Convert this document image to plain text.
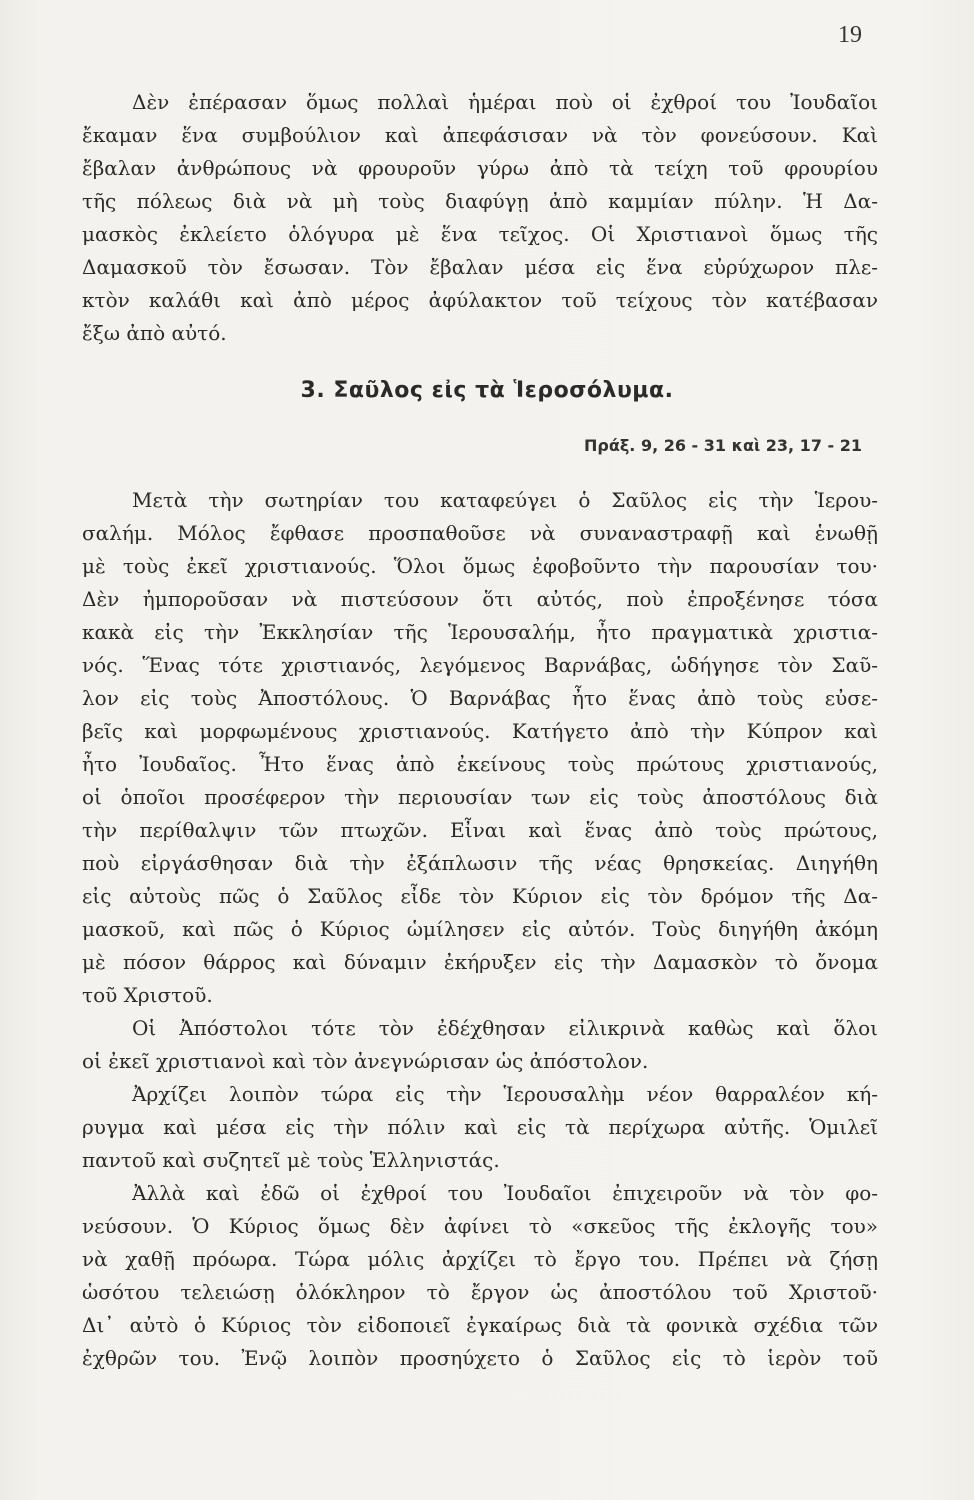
19
Δὲν ἐπέρασαν ὅμως πολλαὶ ἡμέραι ποὺ οἱ ἐχθροί του Ἰουδαῖοι
ἔκαμαν ἕνα συμβούλιον καὶ ἀπεφάσισαν νὰ τὸν φονεύσουν. Καὶ
ἔβαλαν ἀνθρώπους νὰ φρουροῦν γύρω ἀπὸ τὰ τείχη τοῦ φρουρίου
τῆς πόλεως διὰ νὰ μὴ τοὺς διαφύγῃ ἀπὸ καμμίαν πύλην. Ἡ Δα-
μασκὸς ἐκλείετο ὁλόγυρα μὲ ἕνα τεῖχος. Οἱ Χριστιανοὶ ὅμως τῆς
Δαμασκοῦ τὸν ἔσωσαν. Τὸν ἔβαλαν μέσα εἰς ἕνα εὐρύχωρον πλε-
κτὸν καλάθι καὶ ἀπὸ μέρος ἀφύλακτον τοῦ τείχους τὸν κατέβασαν
ἔξω ἀπὸ αὐτό.
3. Σαῦλος εἰς τὰ Ἱεροσόλυμα.
Πράξ. 9, 26 - 31 καὶ 23, 17 - 21
Μετὰ τὴν σωτηρίαν του καταφεύγει ὁ Σαῦλος εἰς τὴν Ἱερου-
σαλήμ. Μόλος ἔφθασε προσπαθοῦσε νὰ συναναστραφῇ καὶ ἑνωθῇ
μὲ τοὺς ἐκεῖ χριστιανούς. Ὅλοι ὅμως ἐφοβοῦντο τὴν παρουσίαν του·
Δὲν ἠμποροῦσαν νὰ πιστεύσουν ὅτι αὐτός, ποὺ ἐπροξένησε τόσα
κακὰ εἰς τὴν Ἐκκλησίαν τῆς Ἱερουσαλήμ, ἦτο πραγματικὰ χριστια-
νός. Ἕνας τότε χριστιανός, λεγόμενος Βαρνάβας, ὡδήγησε τὸν Σαῦ-
λον εἰς τοὺς Ἀποστόλους. Ὁ Βαρνάβας ἦτο ἕνας ἀπὸ τοὺς εὐσε-
βεῖς καὶ μορφωμένους χριστιανούς. Κατήγετο ἀπὸ τὴν Κύπρον καὶ
ἦτο Ἰουδαῖος. Ἦτο ἕνας ἀπὸ ἐκείνους τοὺς πρώτους χριστιανούς,
οἱ ὁποῖοι προσέφερον τὴν περιουσίαν των εἰς τοὺς ἀποστόλους διὰ
τὴν περίθαλψιν τῶν πτωχῶν. Εἶναι καὶ ἕνας ἀπὸ τοὺς πρώτους,
ποὺ εἰργάσθησαν διὰ τὴν ἐξάπλωσιν τῆς νέας θρησκείας. Διηγήθη
εἰς αὐτοὺς πῶς ὁ Σαῦλος εἶδε τὸν Κύριον εἰς τὸν δρόμον τῆς Δα-
μασκοῦ, καὶ πῶς ὁ Κύριος ὡμίλησεν εἰς αὐτόν. Τοὺς διηγήθη ἀκόμη
μὲ πόσον θάρρος καὶ δύναμιν ἐκήρυξεν εἰς τὴν Δαμασκὸν τὸ ὄνομα
τοῦ Χριστοῦ.
Οἱ Ἀπόστολοι τότε τὸν ἐδέχθησαν εἰλικρινὰ καθὼς καὶ ὅλοι
οἱ ἐκεῖ χριστιανοὶ καὶ τὸν ἀνεγνώρισαν ὡς ἀπόστολον.
Ἀρχίζει λοιπὸν τώρα εἰς τὴν Ἱερουσαλὴμ νέον θαρραλέον κή-
ρυγμα καὶ μέσα εἰς τὴν πόλιν καὶ εἰς τὰ περίχωρα αὐτῆς. Ὁμιλεῖ
παντοῦ καὶ συζητεῖ μὲ τοὺς Ἑλληνιστάς.
Ἀλλὰ καὶ ἐδῶ οἱ ἐχθροί του Ἰουδαῖοι ἐπιχειροῦν νὰ τὸν φο-
νεύσουν. Ὁ Κύριος ὅμως δὲν ἀφίνει τὸ «σκεῦος τῆς ἐκλογῆς του»
νὰ χαθῇ πρόωρα. Τώρα μόλις ἀρχίζει τὸ ἔργο του. Πρέπει νὰ ζήσῃ
ὡσότου τελειώσῃ ὁλόκληρον τὸ ἔργον ὡς ἀποστόλου τοῦ Χριστοῦ·
Δι᾽ αὐτὸ ὁ Κύριος τὸν εἰδοποιεῖ ἐγκαίρως διὰ τὰ φονικὰ σχέδια τῶν
ἐχθρῶν του. Ἐνῷ λοιπὸν προσηύχετο ὁ Σαῦλος εἰς τὸ ἱερὸν τοῦ
